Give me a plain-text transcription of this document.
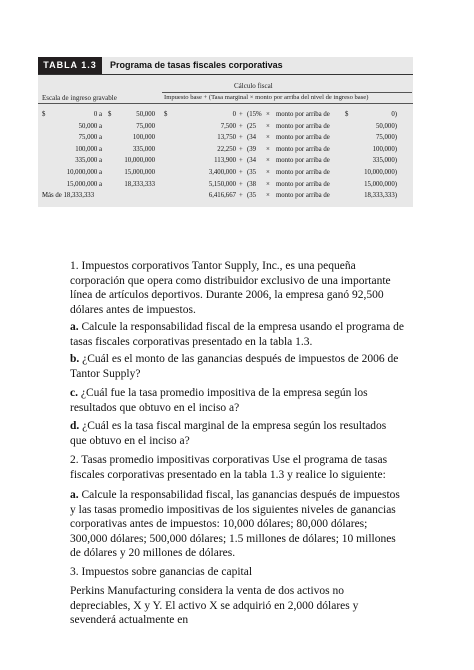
TABLA 1.3	Programa de tasas fiscales corporativas
Cálculo fiscal
Escala de ingreso gravable	Impuesto base + (Tasa marginal × monto por arriba del nivel de ingreso base)
$	0 a $	50,000 $	0 + (15% × monto por arriba de $	0)
50,000 a	75,000	7,500 + (25 × monto por arriba de	50,000)
75,000 a	100,000	13,750 + (34 × monto por arriba de	75,000)
100,000 a	335,000	22,250 + (39 × monto por arriba de	100,000)
335,000 a	10,000,000	113,900 + (34 × monto por arriba de	335,000)
10,000,000 a	15,000,000	3,400,000 + (35 × monto por arriba de	10,000,000)
15,000,000 a	18,333,333	5,150,000 + (38 × monto por arriba de	15,000,000)
Más de 18,333,333	6,416,667 + (35 × monto por arriba de	18,333,333)

1. Impuestos corporativos Tantor Supply, Inc., es una pequeña corporación que opera como distribuidor exclusivo de una importante línea de artículos deportivos. Durante 2006, la empresa ganó 92,500 dólares antes de impuestos.

a. Calcule la responsabilidad fiscal de la empresa usando el programa de tasas fiscales corporativas presentado en la tabla 1.3.

b. ¿Cuál es el monto de las ganancias después de impuestos de 2006 de Tantor Supply?

c. ¿Cuál fue la tasa promedio impositiva de la empresa según los resultados que obtuvo en el inciso a?

d. ¿Cuál es la tasa fiscal marginal de la empresa según los resultados que obtuvo en el inciso a?

2. Tasas promedio impositivas corporativas Use el programa de tasas fiscales corporativas presentado en la tabla 1.3 y realice lo siguiente:

a. Calcule la responsabilidad fiscal, las ganancias después de impuestos y las tasas promedio impositivas de los siguientes niveles de ganancias corporativas antes de impuestos: 10,000 dólares; 80,000 dólares; 300,000 dólares; 500,000 dólares; 1.5 millones de dólares; 10 millones de dólares y 20 millones de dólares.

3. Impuestos sobre ganancias de capital

Perkins Manufacturing considera la venta de dos activos no depreciables, X y Y. El activo X se adquirió en 2,000 dólares y sevenderá actualmente en
